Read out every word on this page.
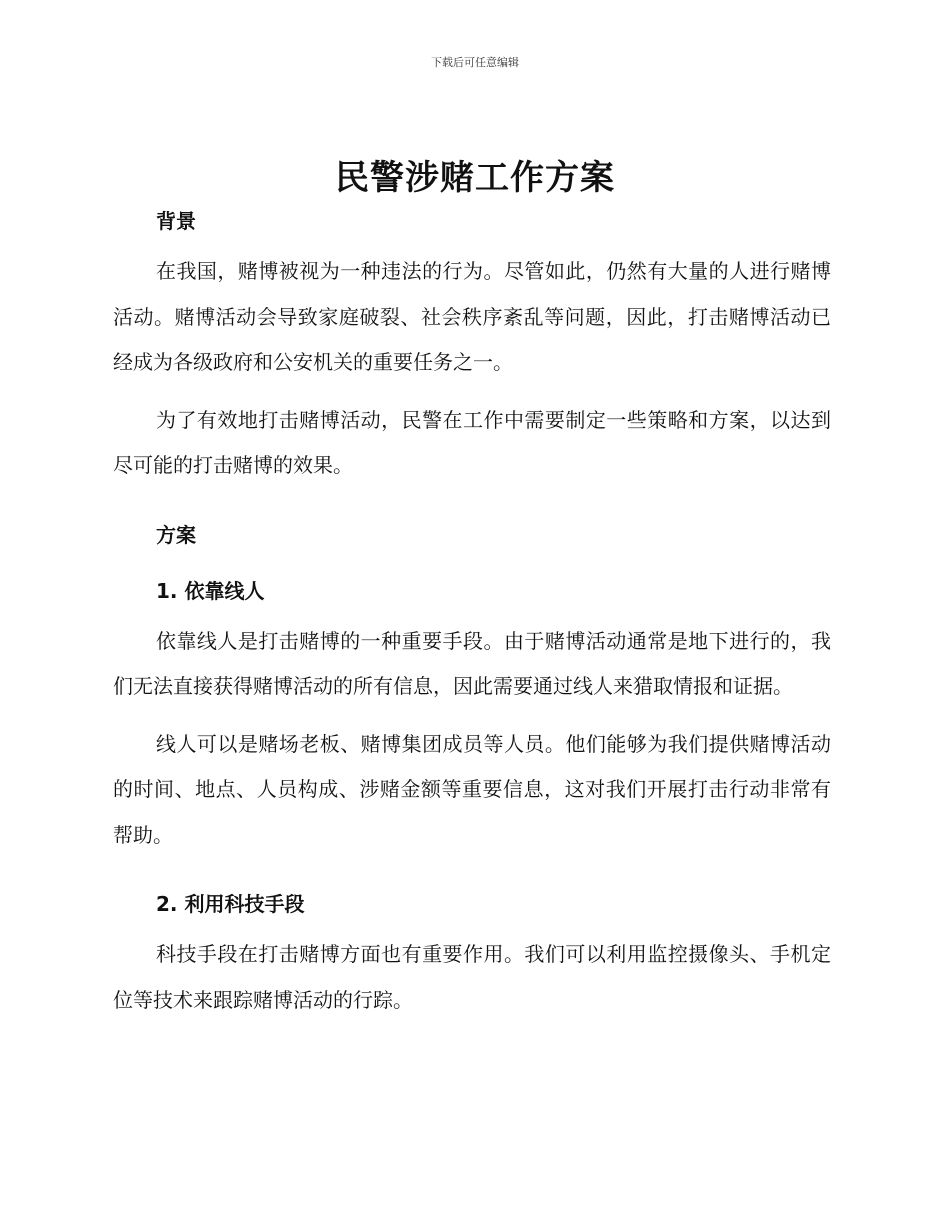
下载后可任意编辑
民警涉赌工作方案
背景

在我国，赌博被视为一种违法的行为。尽管如此，仍然有大量的人进行赌博活动。赌博活动会导致家庭破裂、社会秩序紊乱等问题，因此，打击赌博活动已经成为各级政府和公安机关的重要任务之一。

为了有效地打击赌博活动，民警在工作中需要制定一些策略和方案，以达到尽可能的打击赌博的效果。

方案
1. 依靠线人

依靠线人是打击赌博的一种重要手段。由于赌博活动通常是地下进行的，我们无法直接获得赌博活动的所有信息，因此需要通过线人来猎取情报和证据。

线人可以是赌场老板、赌博集团成员等人员。他们能够为我们提供赌博活动的时间、地点、人员构成、涉赌金额等重要信息，这对我们开展打击行动非常有帮助。

2. 利用科技手段

科技手段在打击赌博方面也有重要作用。我们可以利用监控摄像头、手机定位等技术来跟踪赌博活动的行踪。
